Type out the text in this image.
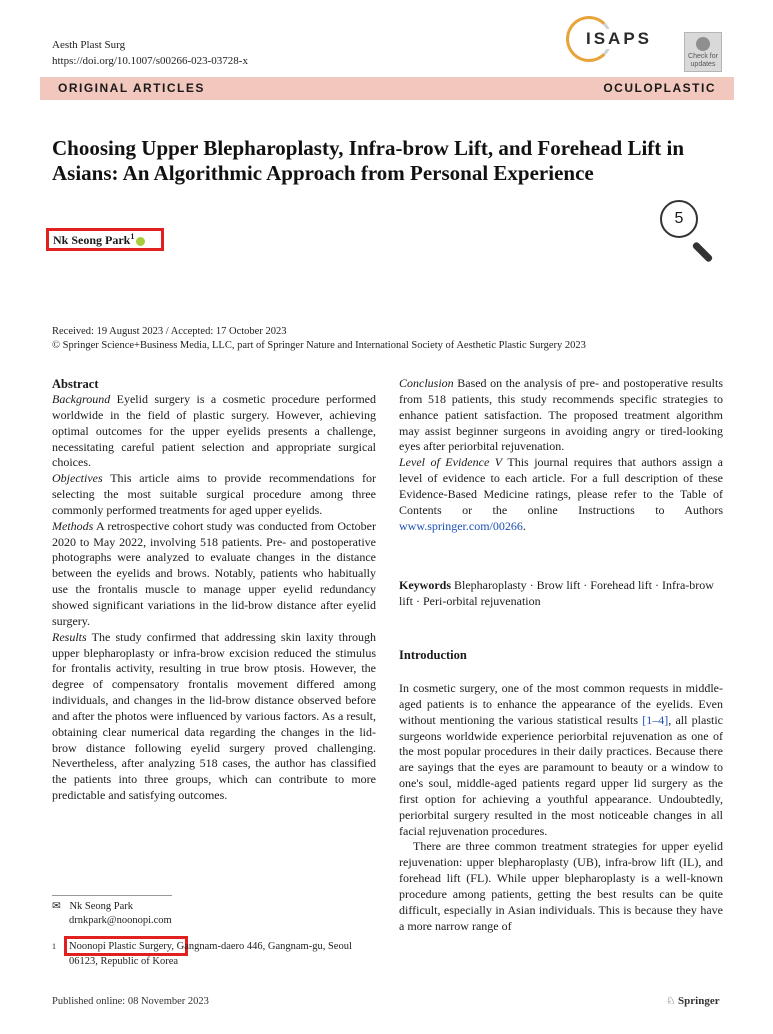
Aesth Plast Surg
https://doi.org/10.1007/s00266-023-03728-x
ISAPS
Check for updates
ORIGINAL ARTICLES	OCULOPLASTIC
Choosing Upper Blepharoplasty, Infra-brow Lift, and Forehead Lift in Asians: An Algorithmic Approach from Personal Experience
Nk Seong Park$^1$
5
Received: 19 August 2023 / Accepted: 17 October 2023
© Springer Science+Business Media, LLC, part of Springer Nature and International Society of Aesthetic Plastic Surgery 2023
Abstract

Background Eyelid surgery is a cosmetic procedure performed worldwide in the field of plastic surgery. However, achieving optimal outcomes for the upper eyelids presents a challenge, necessitating careful patient selection and appropriate surgical choices.

Objectives This article aims to provide recommendations for selecting the most suitable surgical procedure among three commonly performed treatments for aged upper eyelids.

Methods A retrospective cohort study was conducted from October 2020 to May 2022, involving 518 patients. Pre- and postoperative photographs were analyzed to evaluate changes in the distance between the eyelids and brows. Notably, patients who habitually use the frontalis muscle to manage upper eyelid redundancy showed significant variations in the lid-brow distance after eyelid surgery.

Results The study confirmed that addressing skin laxity through upper blepharoplasty or infra-brow excision reduced the stimulus for frontalis activity, resulting in true brow ptosis. However, the degree of compensatory frontalis movement differed among individuals, and changes in the lid-brow distance observed before and after the photos were influenced by various factors. As a result, obtaining clear numerical data regarding the changes in the lid-brow distance following eyelid surgery proved challenging. Nevertheless, after analyzing 518 cases, the author has classified the patients into three groups, which can contribute to more predictable and satisfying outcomes.

✉ Nk Seong Park
drnkpark@noonopi.com
1 Noonopi Plastic Surgery, Gangnam-daero 446, Gangnam-gu, Seoul 06123, Republic of Korea

Conclusion Based on the analysis of pre- and postoperative results from 518 patients, this study recommends specific strategies to enhance patient satisfaction. The proposed treatment algorithm may assist beginner surgeons in avoiding angry or tired-looking eyes after periorbital rejuvenation.

Level of Evidence V This journal requires that authors assign a level of evidence to each article. For a full description of these Evidence-Based Medicine ratings, please refer to the Table of Contents or the online Instructions to Authors www.springer.com/00266.

Keywords Blepharoplasty · Brow lift · Forehead lift · Infra-brow lift · Peri-orbital rejuvenation
Introduction

In cosmetic surgery, one of the most common requests in middle-aged patients is to enhance the appearance of the eyelids. Even without mentioning the various statistical results [1–4], all plastic surgeons worldwide experience periorbital rejuvenation as one of the most popular procedures in their daily practices. Because there are sayings that the eyes are paramount to beauty or a window to one's soul, middle-aged patients regard upper lid surgery as the first option for achieving a youthful appearance. Undoubtedly, periorbital surgery resulted in the most noticeable changes in all facial rejuvenation procedures.

There are three common treatment strategies for upper eyelid rejuvenation: upper blepharoplasty (UB), infra-brow lift (IL), and forehead lift (FL). While upper blepharoplasty is a well-known procedure among patients, getting the best results can be quite difficult, especially in Asian individuals. This is because they have a more narrow range of

Published online: 08 November 2023	♘ Springer
